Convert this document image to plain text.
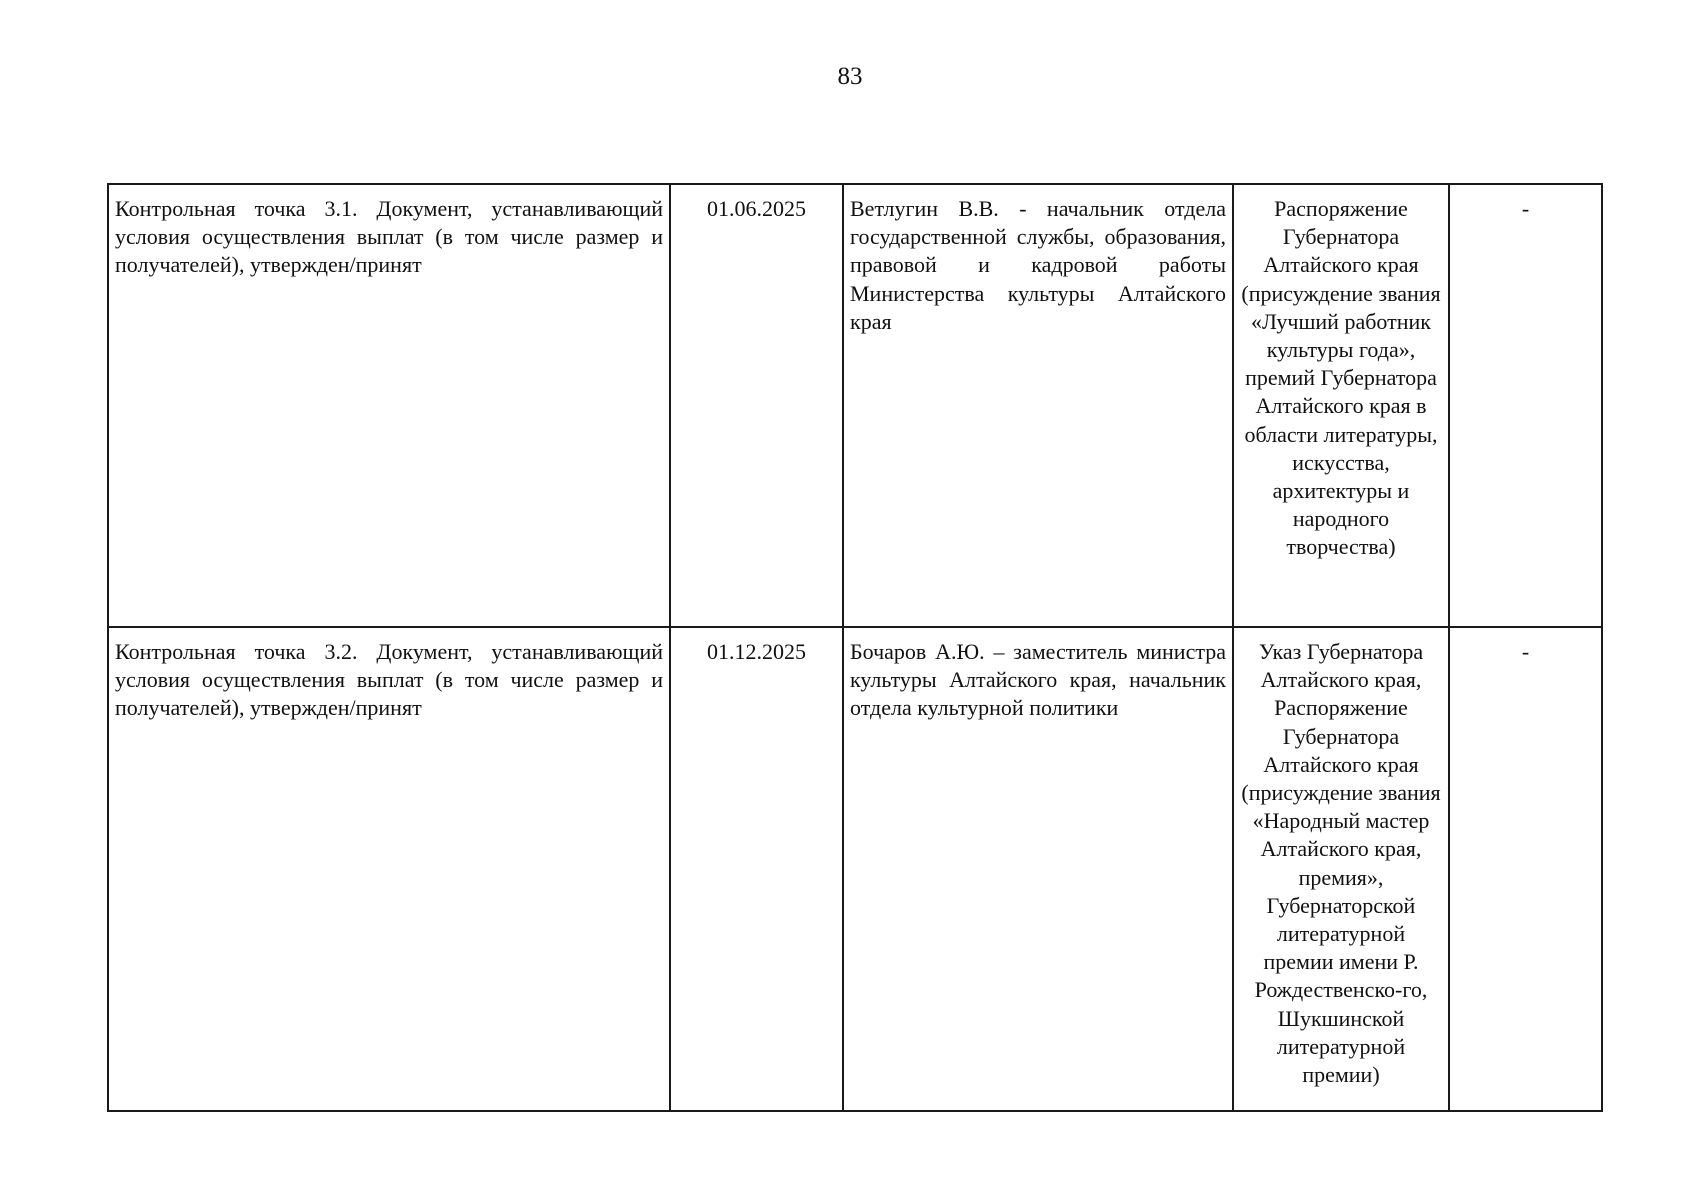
83
Контрольная точка 3.1. Документ, устанавливающий условия осуществления выплат (в том числе размер и получателей), утвержден/принят	01.06.2025	Ветлугин В.В. - начальник отдела государственной службы, образования, правовой и кадровой работы Министерства культуры Алтайского края	Распоряжение Губернатора Алтайского края (присуждение звания «Лучший работник культуры года», премий Губернатора Алтайского края в области литературы, искусства, архитектуры и народного творчества)	-
Контрольная точка 3.2. Документ, устанавливающий условия осуществления выплат (в том числе размер и получателей), утвержден/принят	01.12.2025	Бочаров А.Ю. – заместитель министра культуры Алтайского края, начальник отдела культурной политики	Указ Губернатора Алтайского края, Распоряжение Губернатора Алтайского края (присуждение звания «Народный мастер Алтайского края, премия», Губернаторской литературной премии имени Р. Рождественско-го, Шукшинской литературной премии)	-
